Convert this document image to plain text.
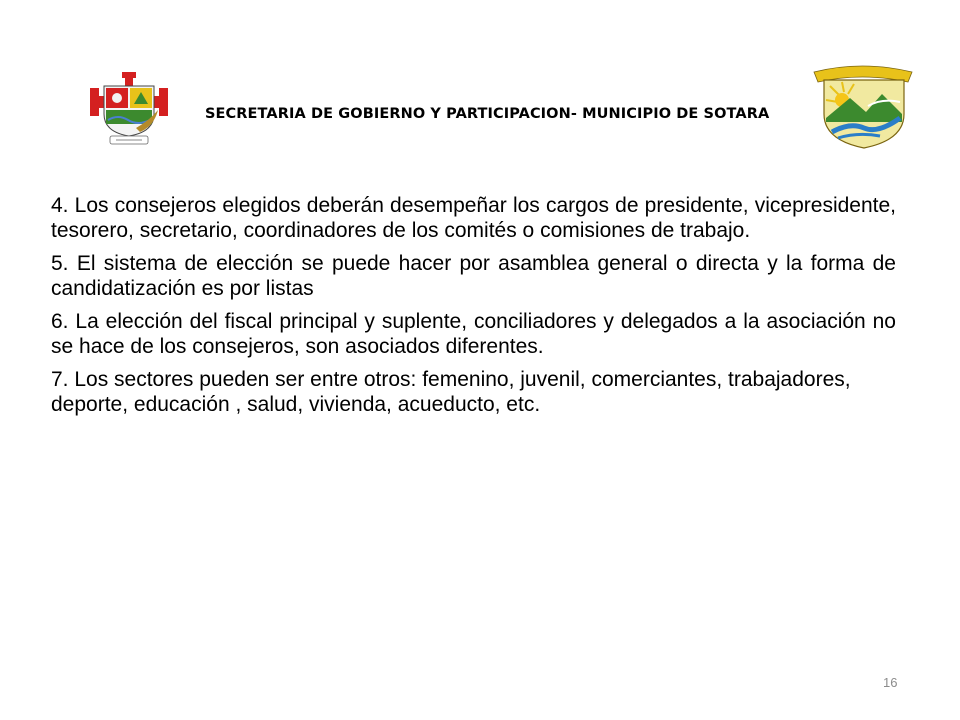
SECRETARIA DE GOBIERNO Y PARTICIPACION- MUNICIPIO DE SOTARA

4. Los consejeros elegidos deberán desempeñar los cargos de presidente, vicepresidente, tesorero, secretario, coordinadores de los comités o comisiones de trabajo.

5. El sistema de elección se puede hacer por asamblea general o directa y la forma de candidatización es por listas

6. La elección del fiscal principal y suplente, conciliadores y delegados a la asociación no se hace de los consejeros, son asociados diferentes.

7. Los sectores pueden ser entre otros: femenino, juvenil, comerciantes, trabajadores, deporte, educación , salud, vivienda, acueducto, etc.

16
